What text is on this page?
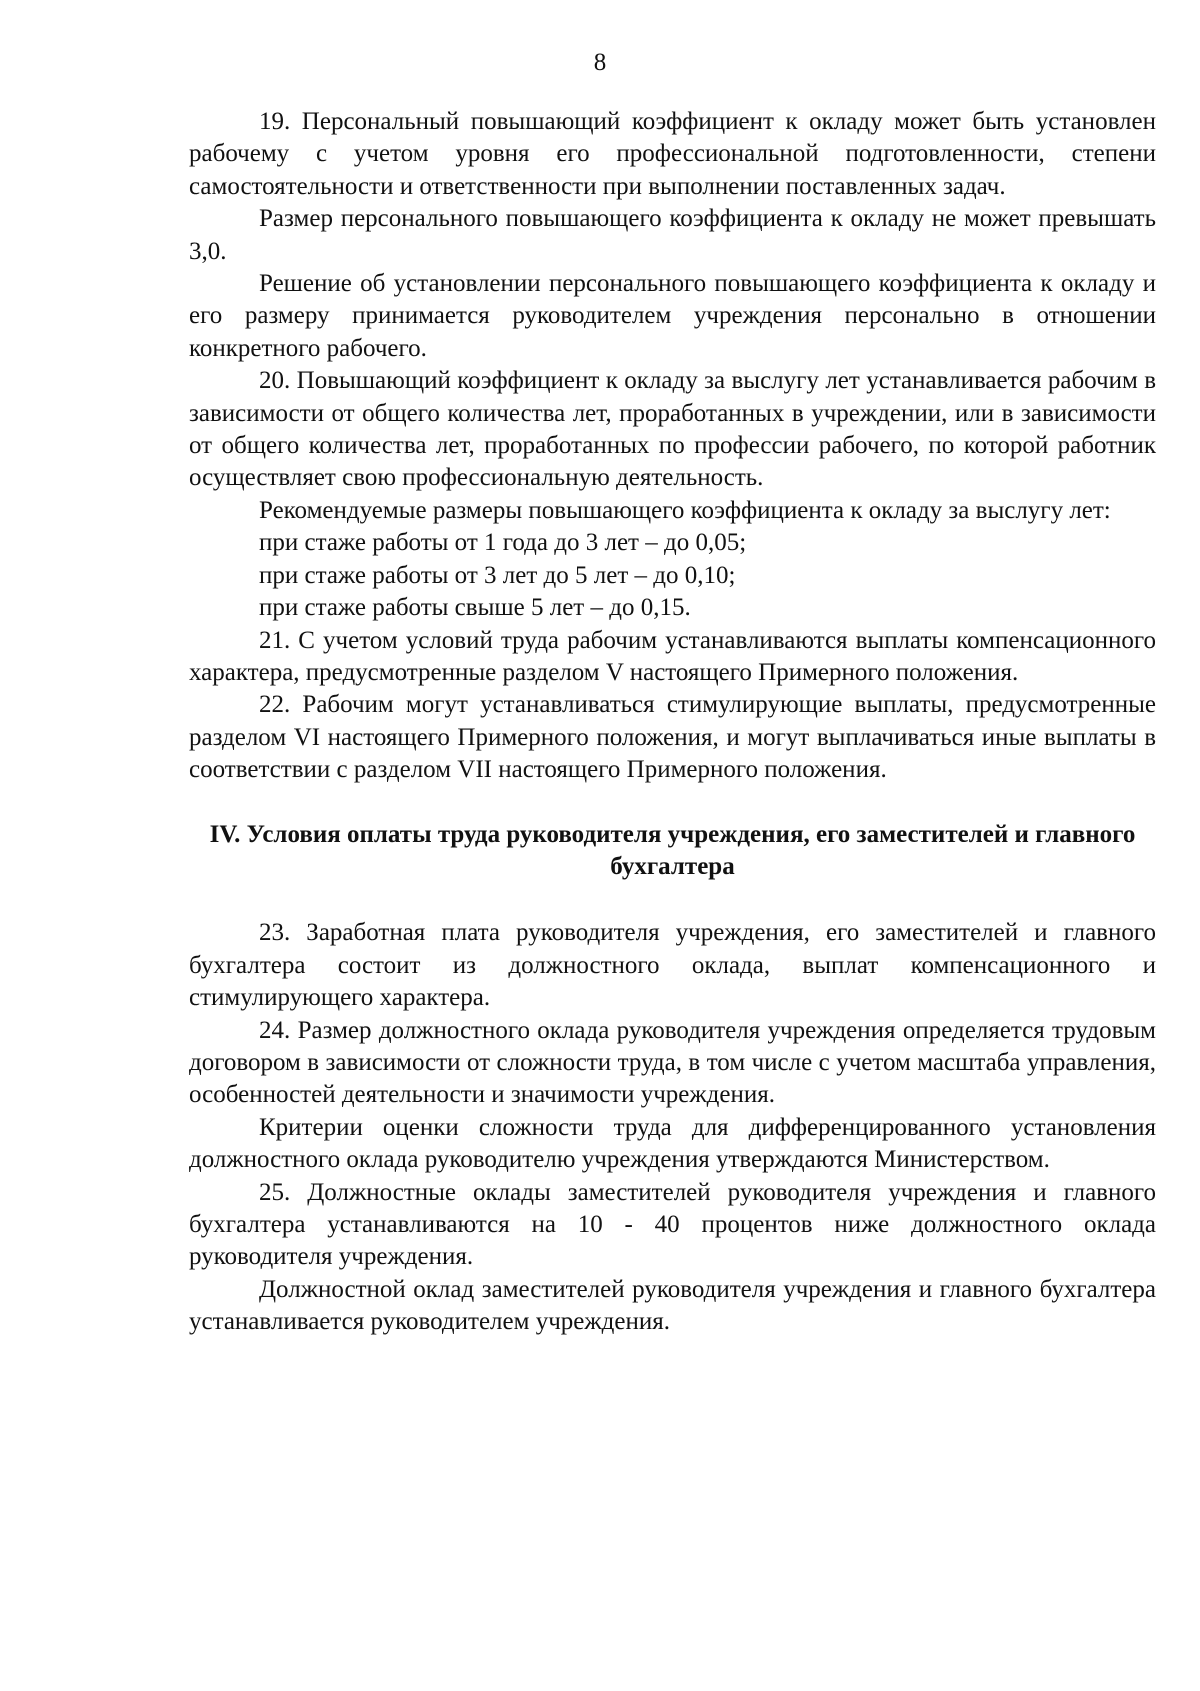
8

19. Персональный повышающий коэффициент к окладу может быть установлен рабочему с учетом уровня его профессиональной подготовленности, степени самостоятельности и ответственности при выполнении поставленных задач.

Размер персонального повышающего коэффициента к окладу не может превышать 3,0.

Решение об установлении персонального повышающего коэффициента к окладу и его размеру принимается руководителем учреждения персонально в отношении конкретного рабочего.

20. Повышающий коэффициент к окладу за выслугу лет устанавливается рабочим в зависимости от общего количества лет, проработанных в учреждении, или в зависимости от общего количества лет, проработанных по профессии рабочего, по которой работник осуществляет свою профессиональную деятельность.

Рекомендуемые размеры повышающего коэффициента к окладу за выслугу лет:

при стаже работы от 1 года до 3 лет – до 0,05;

при стаже работы от 3 лет до 5 лет – до 0,10;

при стаже работы свыше 5 лет – до 0,15.

21. С учетом условий труда рабочим устанавливаются выплаты компенсационного характера, предусмотренные разделом V настоящего Примерного положения.

22. Рабочим могут устанавливаться стимулирующие выплаты, предусмотренные разделом VI настоящего Примерного положения, и могут выплачиваться иные выплаты в соответствии с разделом VII настоящего Примерного положения.

IV. Условия оплаты труда руководителя учреждения, его заместителей и главного бухгалтера

23. Заработная плата руководителя учреждения, его заместителей и главного бухгалтера состоит из должностного оклада, выплат компенсационного и стимулирующего характера.

24. Размер должностного оклада руководителя учреждения определяется трудовым договором в зависимости от сложности труда, в том числе с учетом масштаба управления, особенностей деятельности и значимости учреждения.

Критерии оценки сложности труда для дифференцированного установления должностного оклада руководителю учреждения утверждаются Министерством.

25. Должностные оклады заместителей руководителя учреждения и главного бухгалтера устанавливаются на 10 - 40 процентов ниже должностного оклада руководителя учреждения.

Должностной оклад заместителей руководителя учреждения и главного бухгалтера устанавливается руководителем учреждения.
